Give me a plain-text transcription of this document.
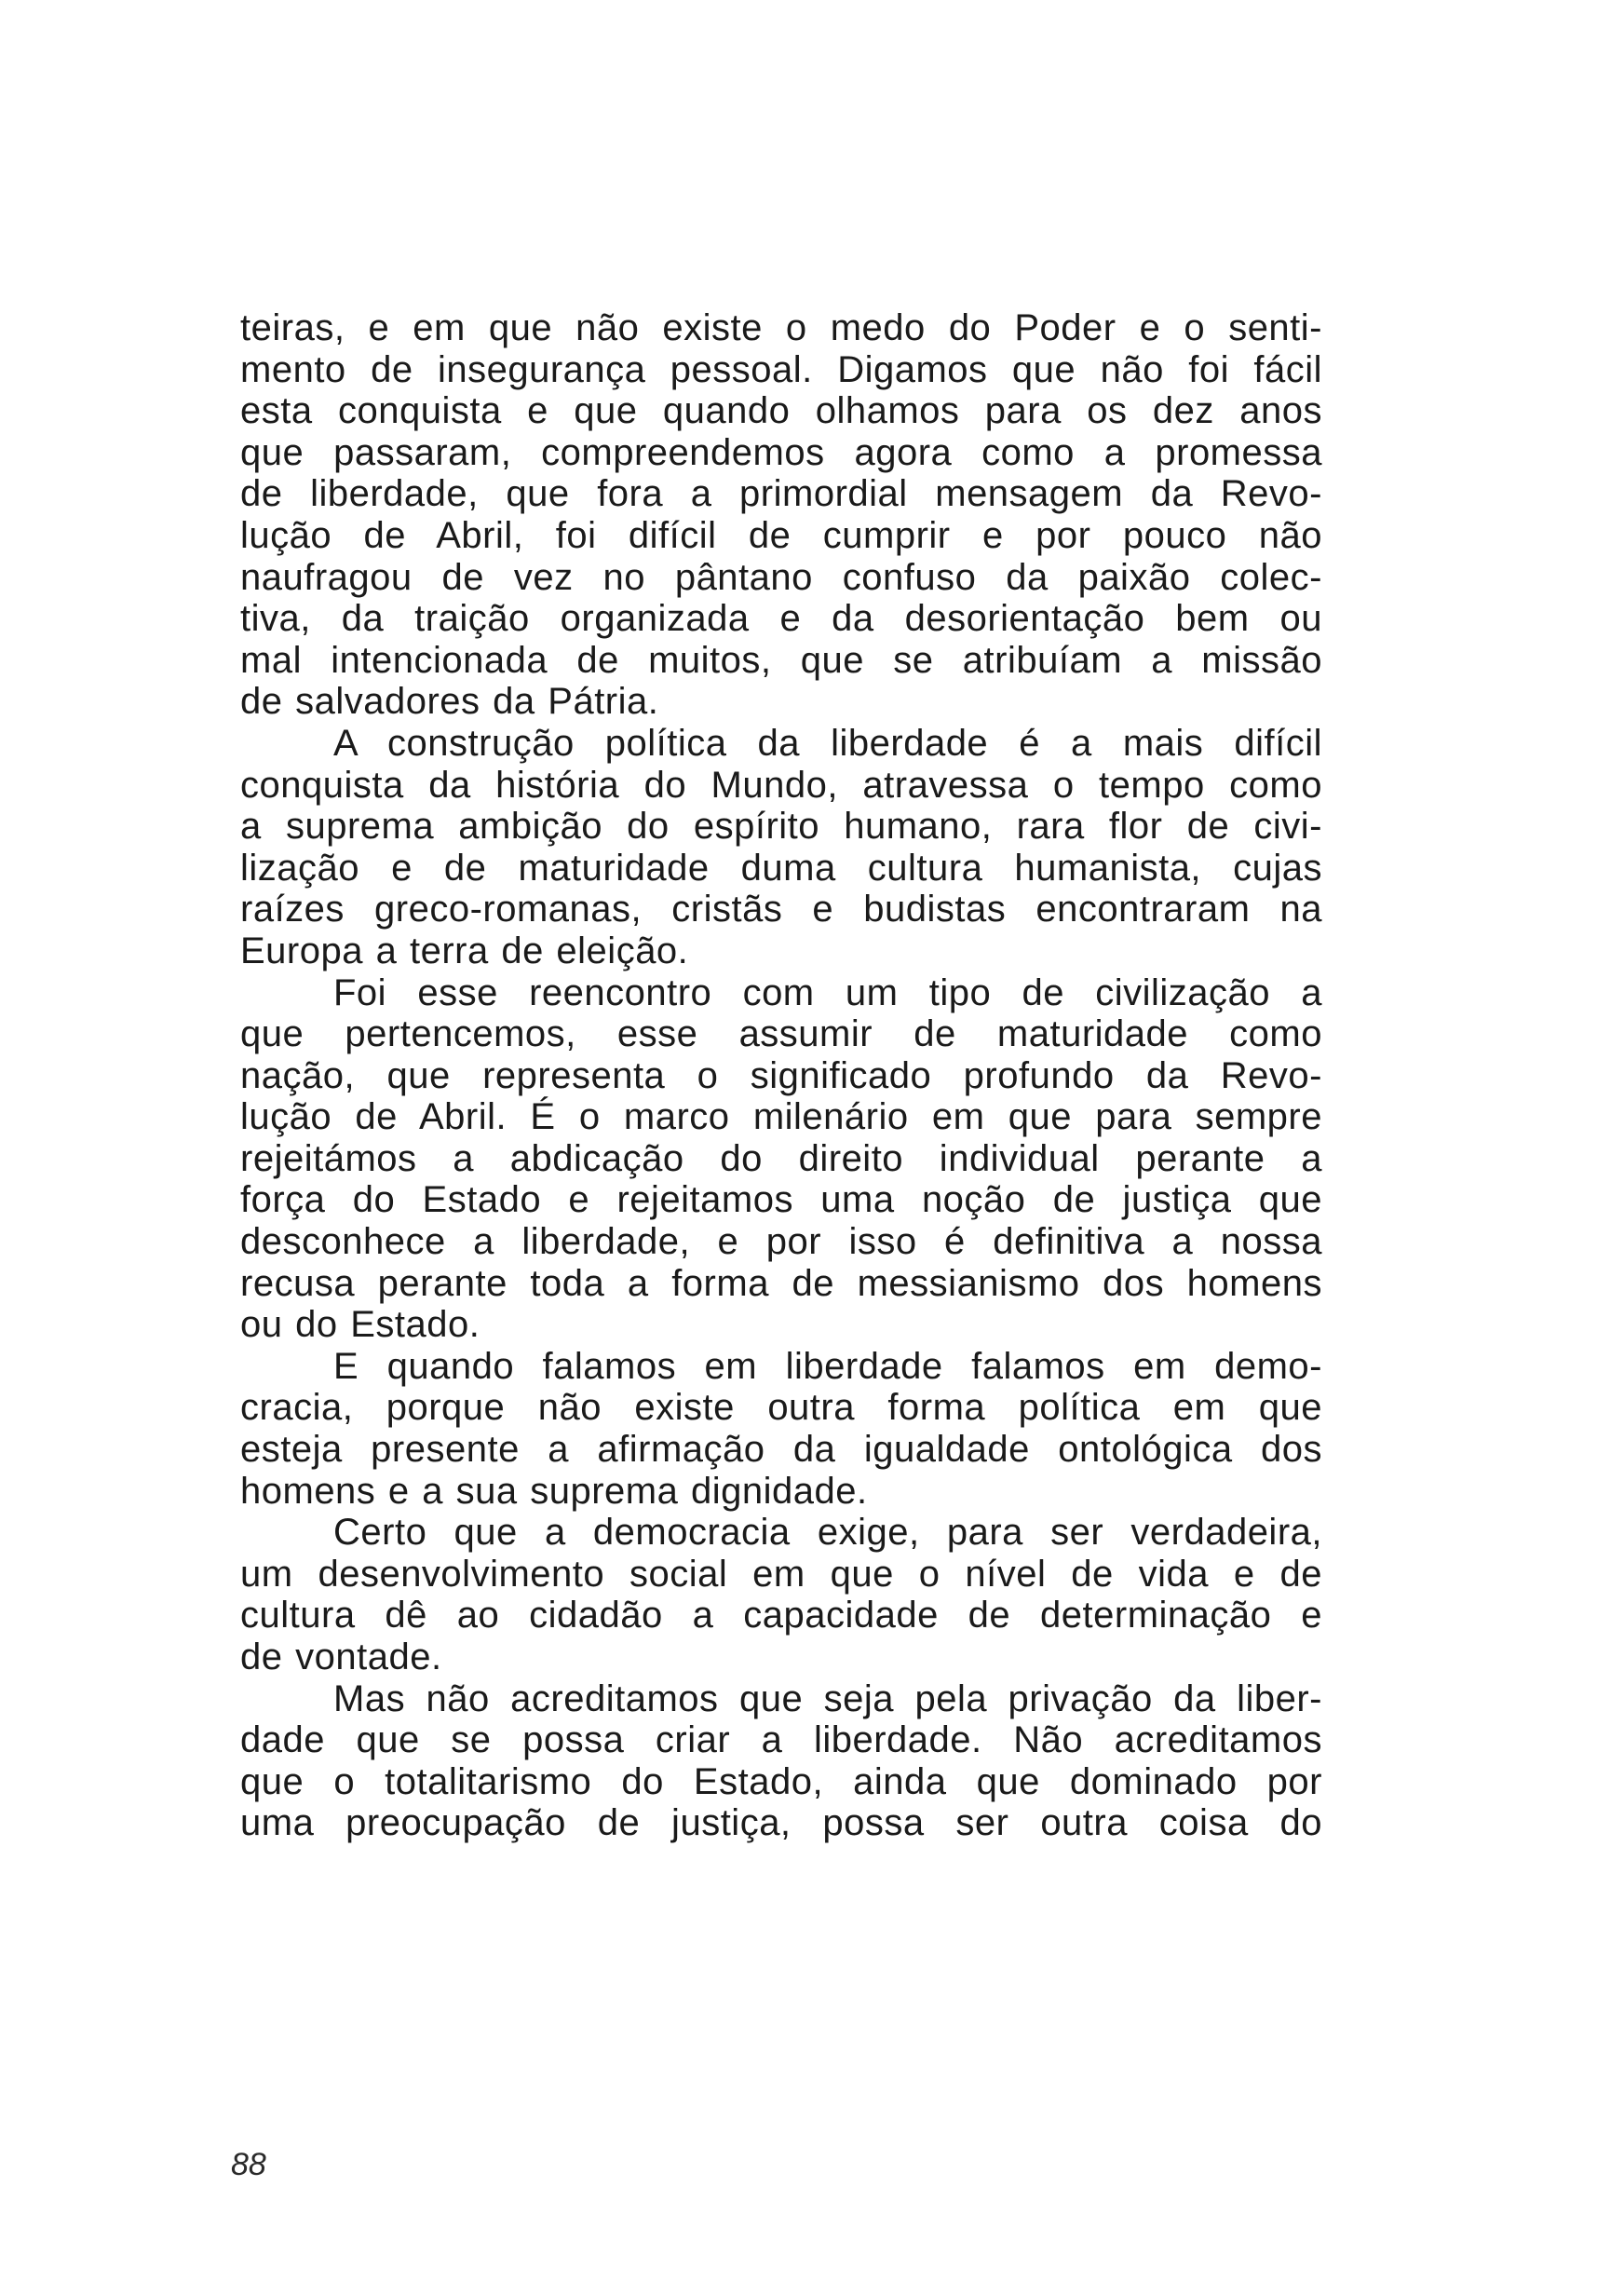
teiras, e em que não existe o medo do Poder e o senti-
mento de insegurança pessoal. Digamos que não foi fácil
esta conquista e que quando olhamos para os dez anos
que passaram, compreendemos agora como a promessa
de liberdade, que fora a primordial mensagem da Revo-
lução de Abril, foi difícil de cumprir e por pouco não
naufragou de vez no pântano confuso da paixão colec-
tiva, da traição organizada e da desorientação bem ou
mal intencionada de muitos, que se atribuíam a missão
de salvadores da Pátria.
A construção política da liberdade é a mais difícil
conquista da história do Mundo, atravessa o tempo como
a suprema ambição do espírito humano, rara flor de civi-
lização e de maturidade duma cultura humanista, cujas
raízes greco-romanas, cristãs e budistas encontraram na
Europa a terra de eleição.
Foi esse reencontro com um tipo de civilização a
que pertencemos, esse assumir de maturidade como
nação, que representa o significado profundo da Revo-
lução de Abril. É o marco milenário em que para sempre
rejeitámos a abdicação do direito individual perante a
força do Estado e rejeitamos uma noção de justiça que
desconhece a liberdade, e por isso é definitiva a nossa
recusa perante toda a forma de messianismo dos homens
ou do Estado.
E quando falamos em liberdade falamos em demo-
cracia, porque não existe outra forma política em que
esteja presente a afirmação da igualdade ontológica dos
homens e a sua suprema dignidade.
Certo que a democracia exige, para ser verdadeira,
um desenvolvimento social em que o nível de vida e de
cultura dê ao cidadão a capacidade de determinação e
de vontade.
Mas não acreditamos que seja pela privação da liber-
dade que se possa criar a liberdade. Não acreditamos
que o totalitarismo do Estado, ainda que dominado por
uma preocupação de justiça, possa ser outra coisa do
88
